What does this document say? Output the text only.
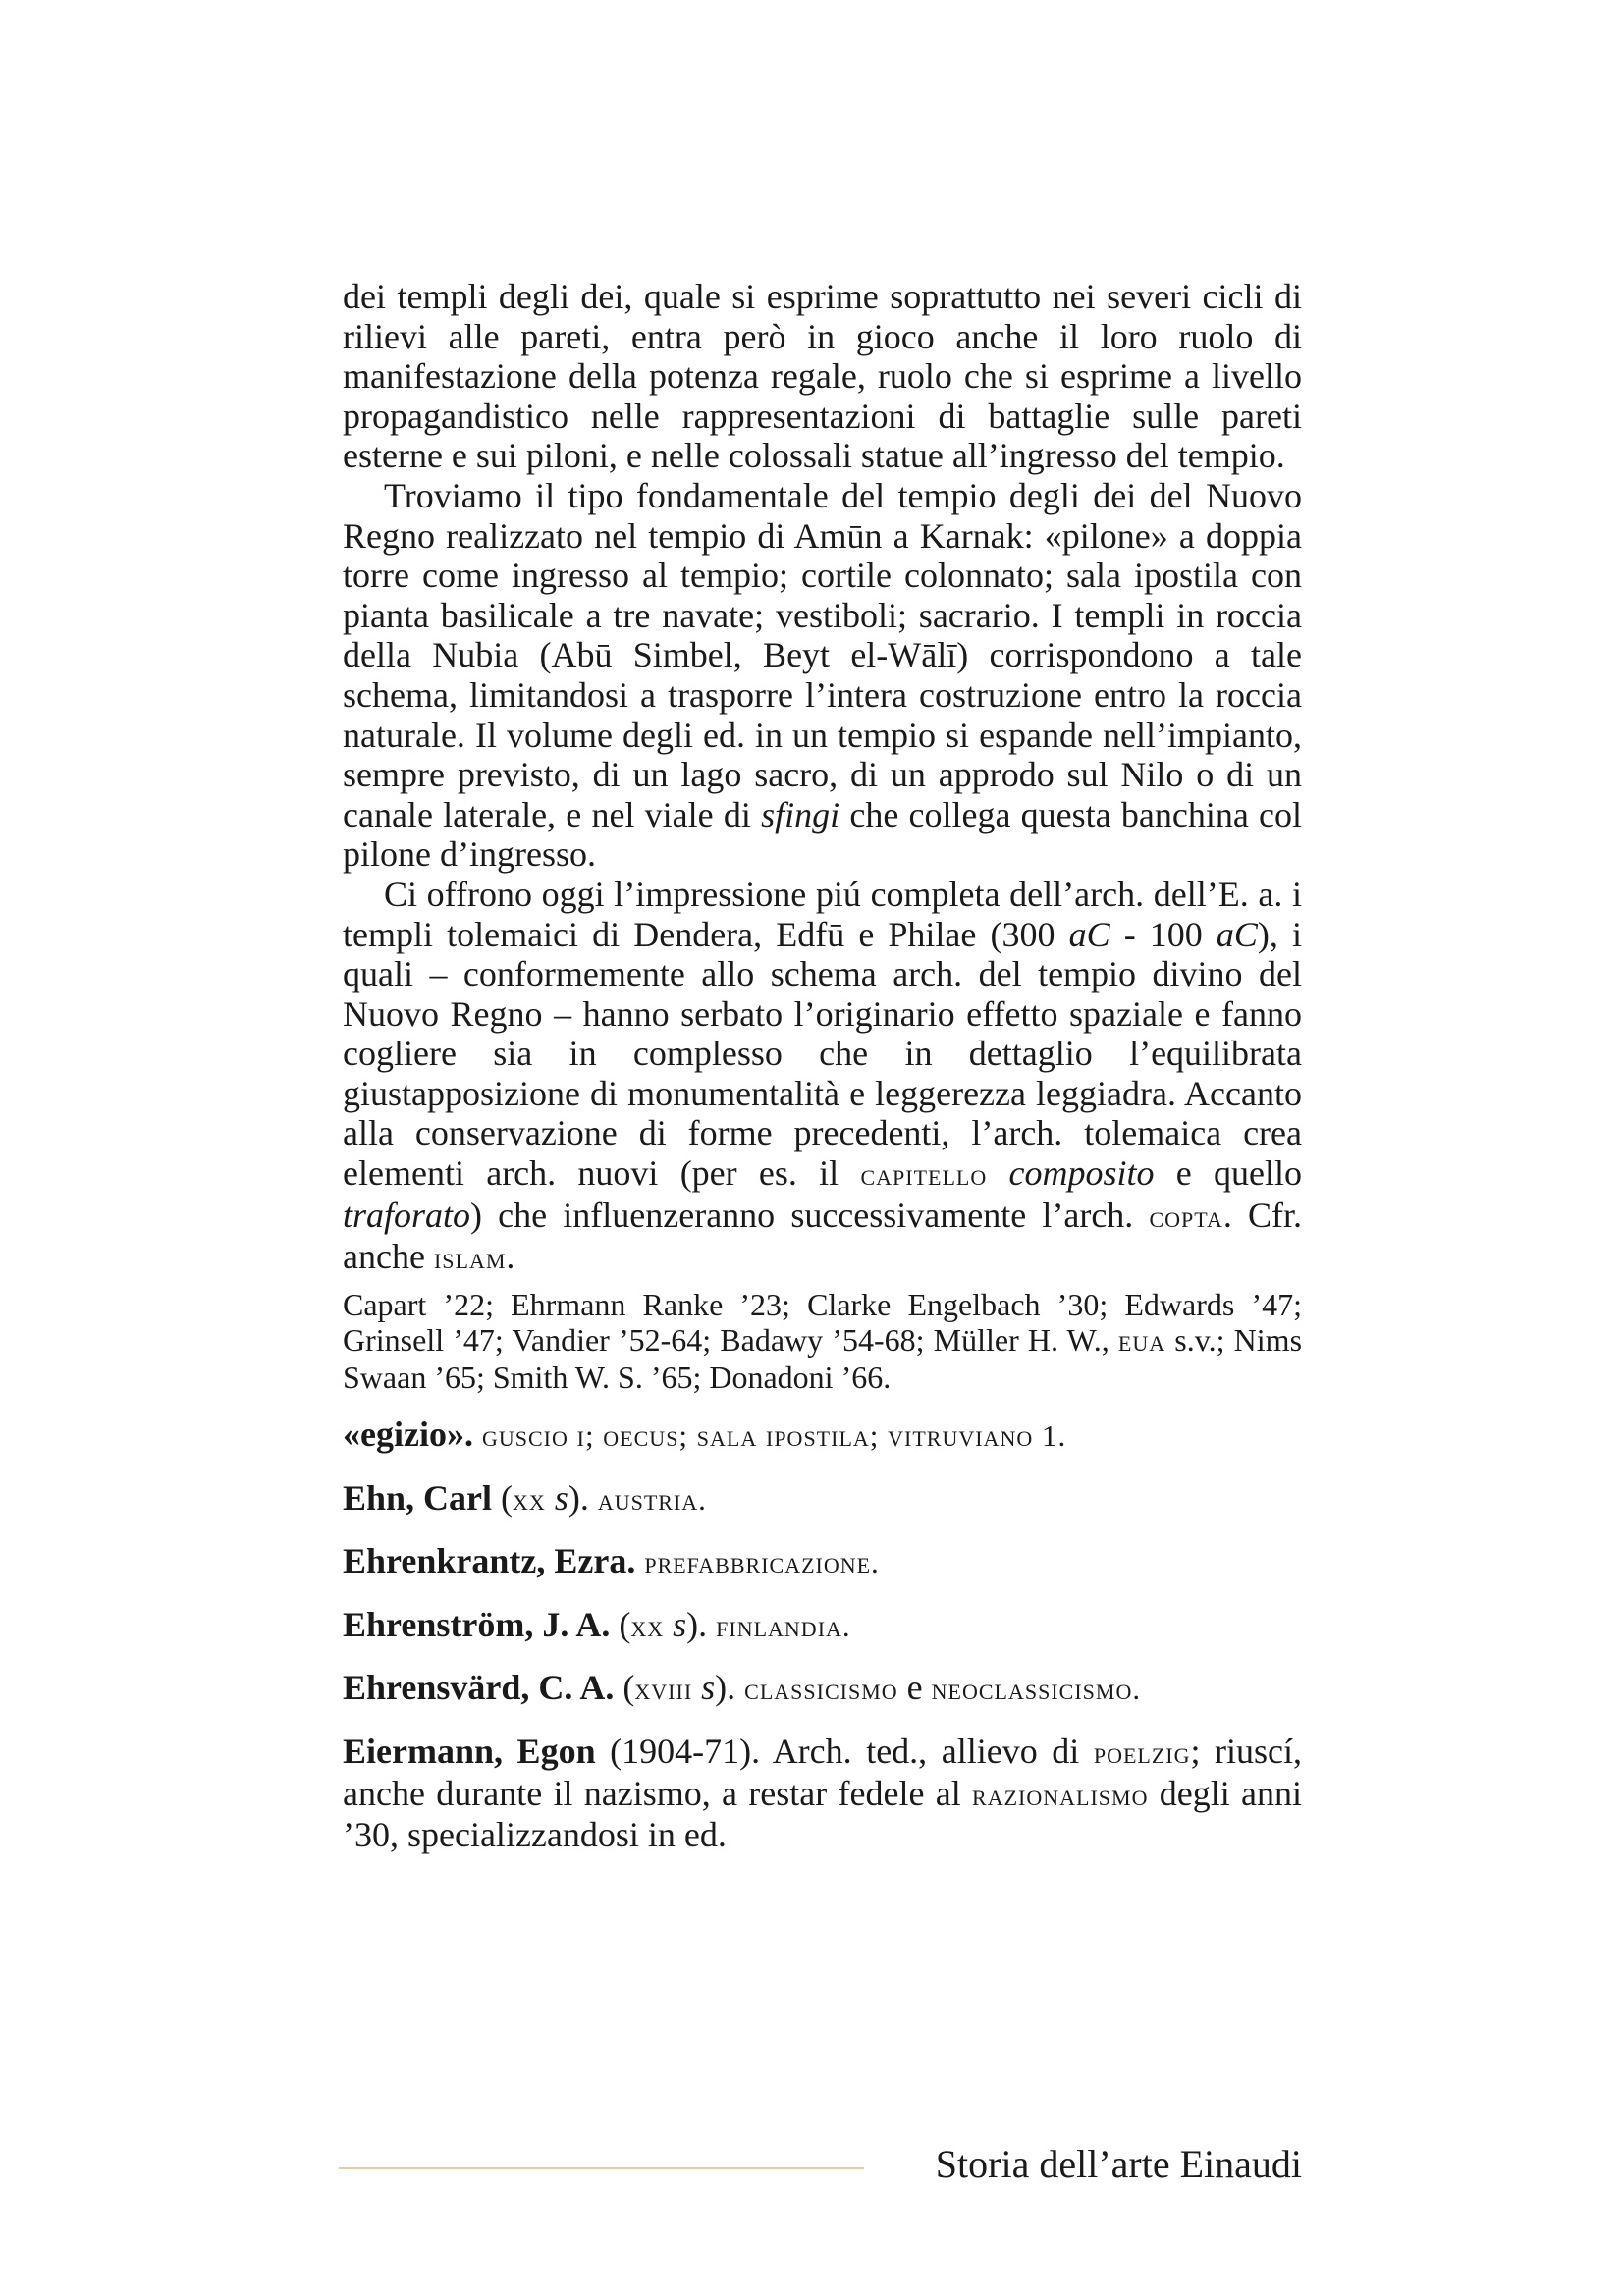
dei templi degli dei, quale si esprime soprattutto nei severi cicli di rilievi alle pareti, entra però in gioco anche il loro ruolo di manifestazione della potenza regale, ruolo che si esprime a livello propagandistico nelle rappresentazioni di battaglie sulle pareti esterne e sui piloni, e nelle colossali statue all’ingresso del tempio.

Troviamo il tipo fondamentale del tempio degli dei del Nuovo Regno realizzato nel tempio di Amūn a Karnak: «pilone» a doppia torre come ingresso al tempio; cortile colonnato; sala ipostila con pianta basilicale a tre navate; vestiboli; sacrario. I templi in roccia della Nubia (Abū Simbel, Beyt el-Wālī) corrispondono a tale schema, limitandosi a trasporre l’intera costruzione entro la roccia naturale. Il volume degli ed. in un tempio si espande nell’impianto, sempre previsto, di un lago sacro, di un approdo sul Nilo o di un canale laterale, e nel viale di sfingi che collega questa banchina col pilone d’ingresso.

Ci offrono oggi l’impressione piú completa dell’arch. dell’E. a. i templi tolemaici di Dendera, Edfū e Philae (300 aC - 100 aC), i quali – conformemente allo schema arch. del tempio divino del Nuovo Regno – hanno serbato l’originario effetto spaziale e fanno cogliere sia in complesso che in dettaglio l’equilibrata giustapposizione di monumentalità e leggerezza leggiadra. Accanto alla conservazione di forme precedenti, l’arch. tolemaica crea elementi arch. nuovi (per es. il capitello composito e quello traforato) che influenzeranno successivamente l’arch. copta. Cfr. anche islam.

Capart ’22; Ehrmann Ranke ’23; Clarke Engelbach ’30; Edwards ’47; Grinsell ’47; Vandier ’52-64; Badawy ’54-68; Müller H. W., eua s.v.; Nims Swaan ’65; Smith W. S. ’65; Donadoni ’66.

«egizio». guscio i; oecus; sala ipostila; vitruviano 1.

Ehn, Carl (xx s). austria.

Ehrenkrantz, Ezra. prefabbricazione.

Ehrenström, J. A. (xx s). finlandia.

Ehrensvärd, C. A. (xviii s). classicismo e neoclassicismo.

Eiermann, Egon (1904-71). Arch. ted., allievo di poelzig; riuscí, anche durante il nazismo, a restar fedele al razionalismo degli anni ’30, specializzandosi in ed.

Storia dell’arte Einaudi
